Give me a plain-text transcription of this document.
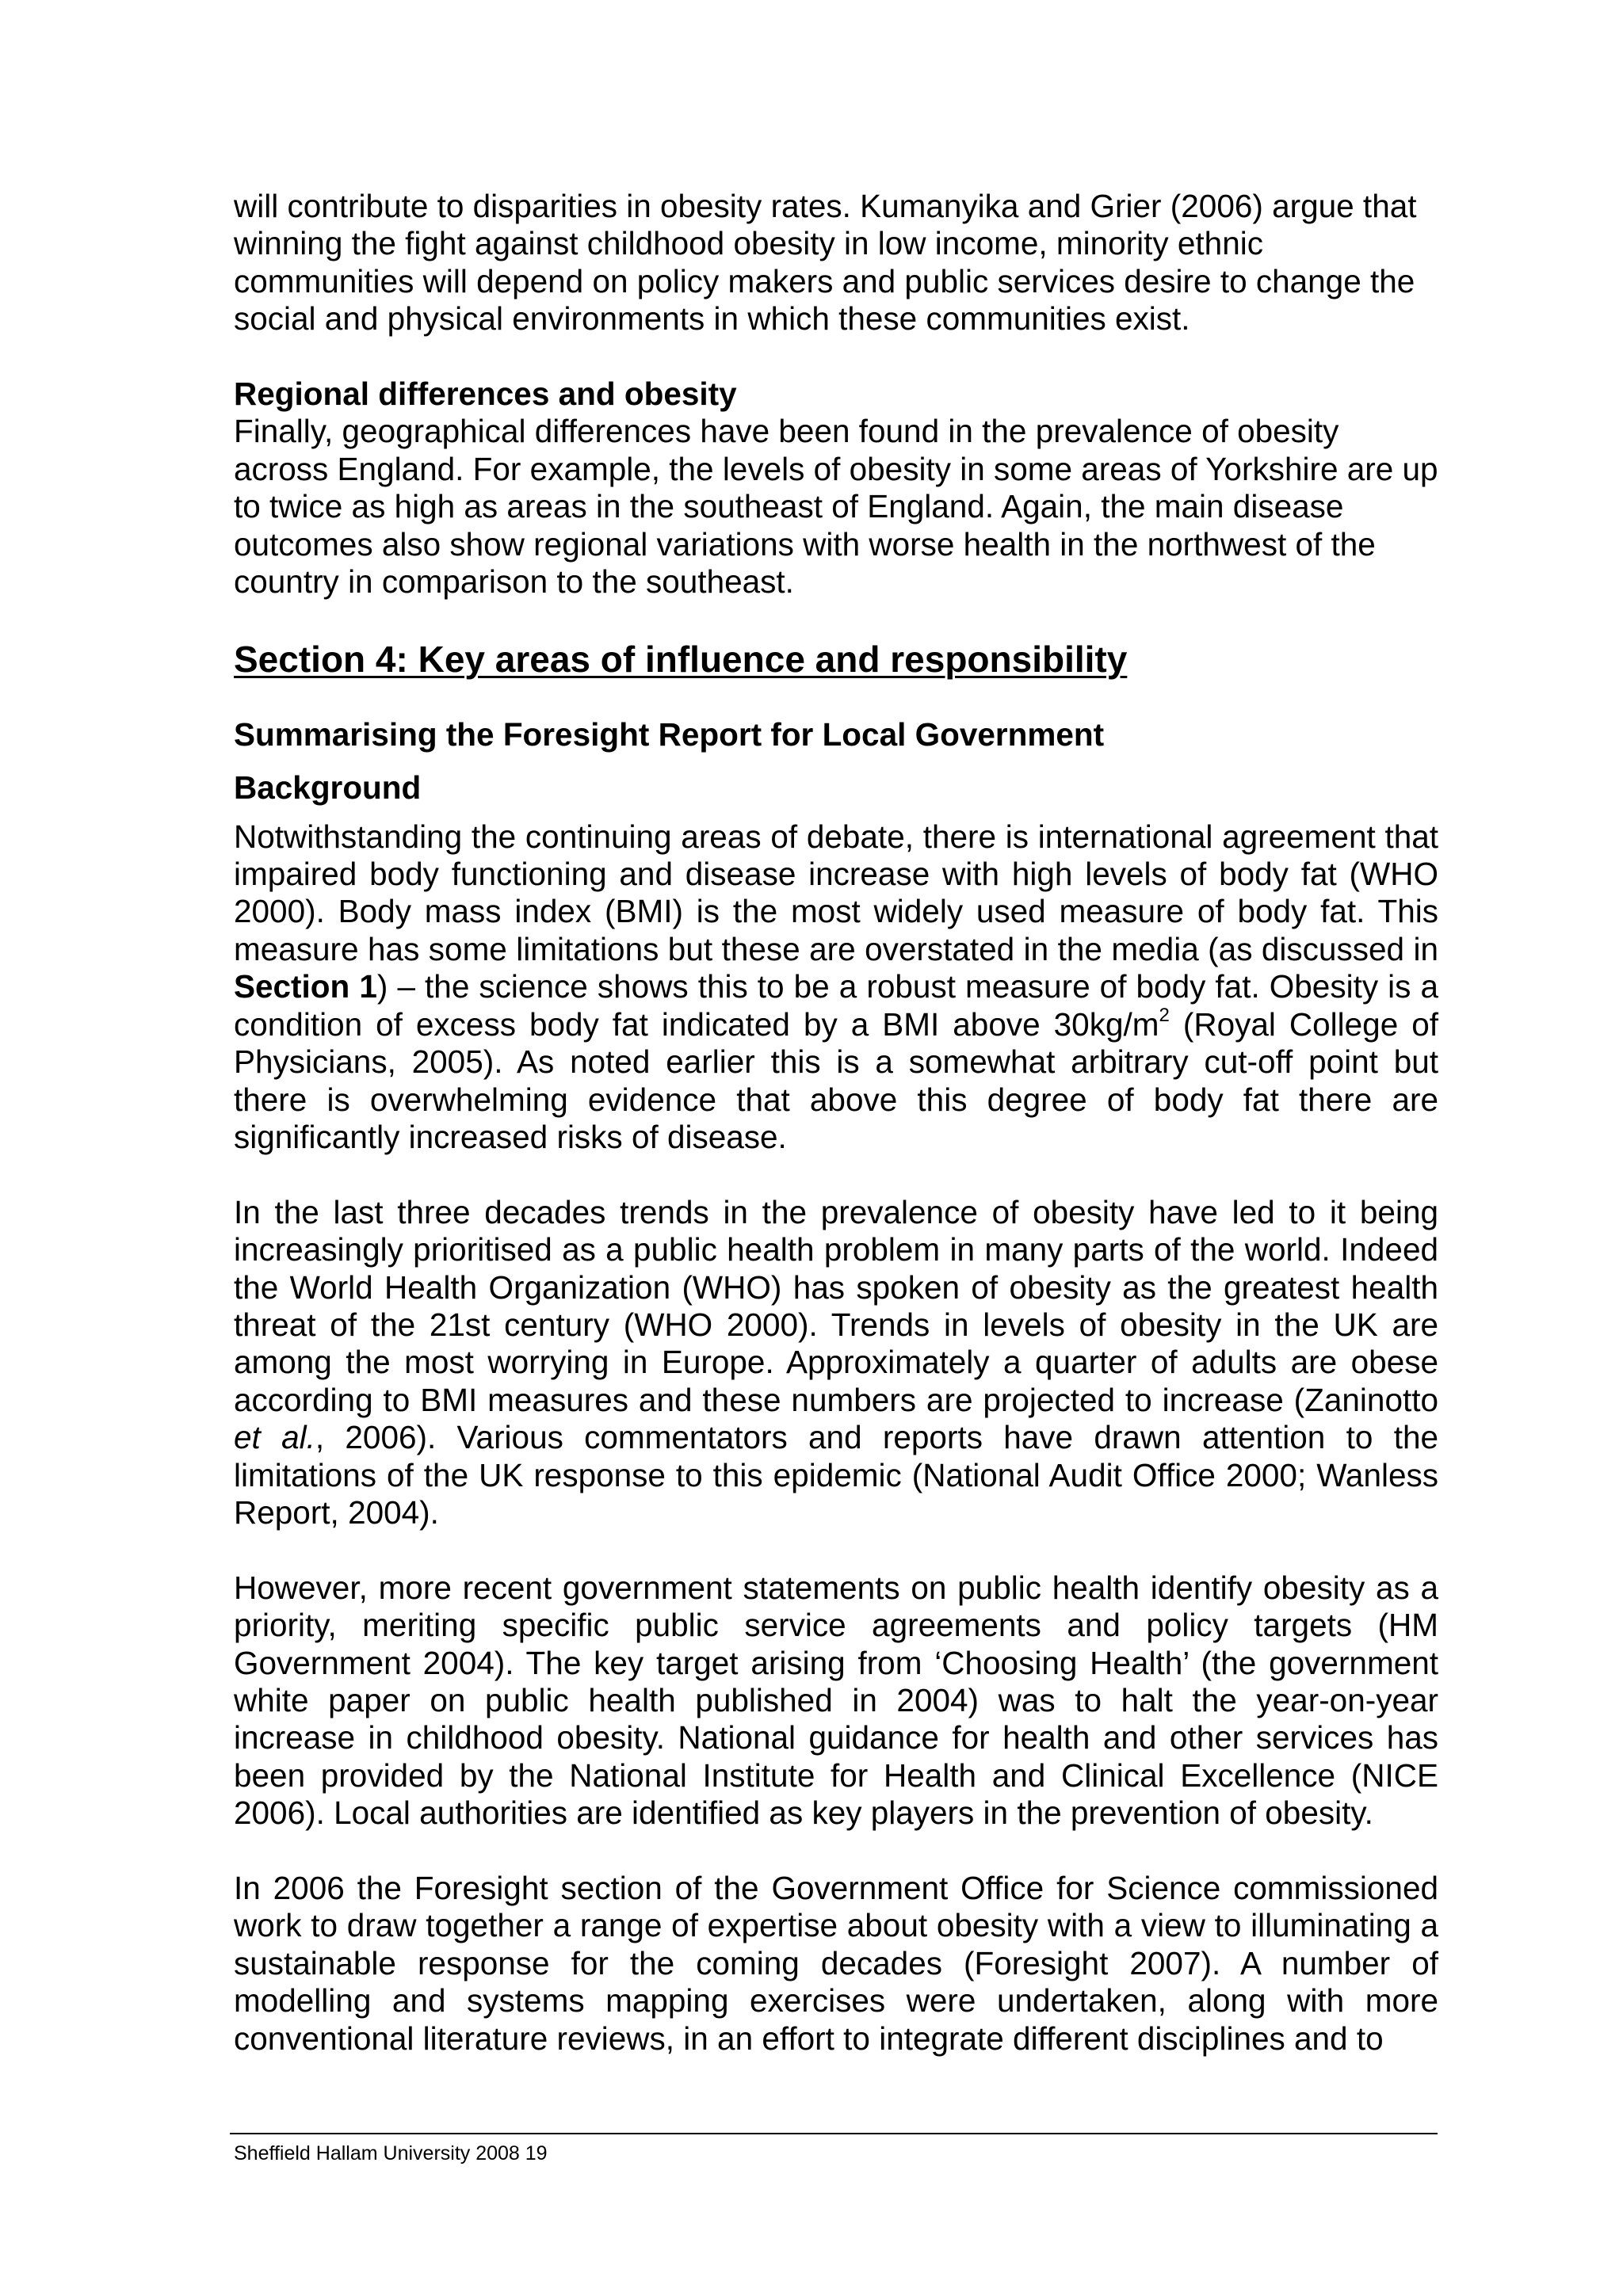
will contribute to disparities in obesity rates. Kumanyika and Grier (2006) argue that winning the fight against childhood obesity in low income, minority ethnic communities will depend on policy makers and public services desire to change the social and physical environments in which these communities exist.

Regional differences and obesity

Finally, geographical differences have been found in the prevalence of obesity across England. For example, the levels of obesity in some areas of Yorkshire are up to twice as high as areas in the southeast of England. Again, the main disease outcomes also show regional variations with worse health in the northwest of the country in comparison to the southeast.

Section 4: Key areas of influence and responsibility

Summarising the Foresight Report for Local Government

Background

Notwithstanding the continuing areas of debate, there is international agreement that impaired body functioning and disease increase with high levels of body fat (WHO 2000). Body mass index (BMI) is the most widely used measure of body fat. This measure has some limitations but these are overstated in the media (as discussed in Section 1) – the science shows this to be a robust measure of body fat. Obesity is a condition of excess body fat indicated by a BMI above $30kg/m^2$ (Royal College of Physicians, 2005). As noted earlier this is a somewhat arbitrary cut-off point but there is overwhelming evidence that above this degree of body fat there are significantly increased risks of disease.

In the last three decades trends in the prevalence of obesity have led to it being increasingly prioritised as a public health problem in many parts of the world. Indeed the World Health Organization (WHO) has spoken of obesity as the greatest health threat of the 21st century (WHO 2000). Trends in levels of obesity in the UK are among the most worrying in Europe. Approximately a quarter of adults are obese according to BMI measures and these numbers are projected to increase (Zaninotto et al., 2006). Various commentators and reports have drawn attention to the limitations of the UK response to this epidemic (National Audit Office 2000; Wanless Report, 2004).

However, more recent government statements on public health identify obesity as a priority, meriting specific public service agreements and policy targets (HM Government 2004). The key target arising from ‘Choosing Health’ (the government white paper on public health published in 2004) was to halt the year-on-year increase in childhood obesity. National guidance for health and other services has been provided by the National Institute for Health and Clinical Excellence (NICE 2006). Local authorities are identified as key players in the prevention of obesity.

In 2006 the Foresight section of the Government Office for Science commissioned work to draw together a range of expertise about obesity with a view to illuminating a sustainable response for the coming decades (Foresight 2007). A number of modelling and systems mapping exercises were undertaken, along with more conventional literature reviews, in an effort to integrate different disciplines and to

Sheffield Hallam University 2008 19
